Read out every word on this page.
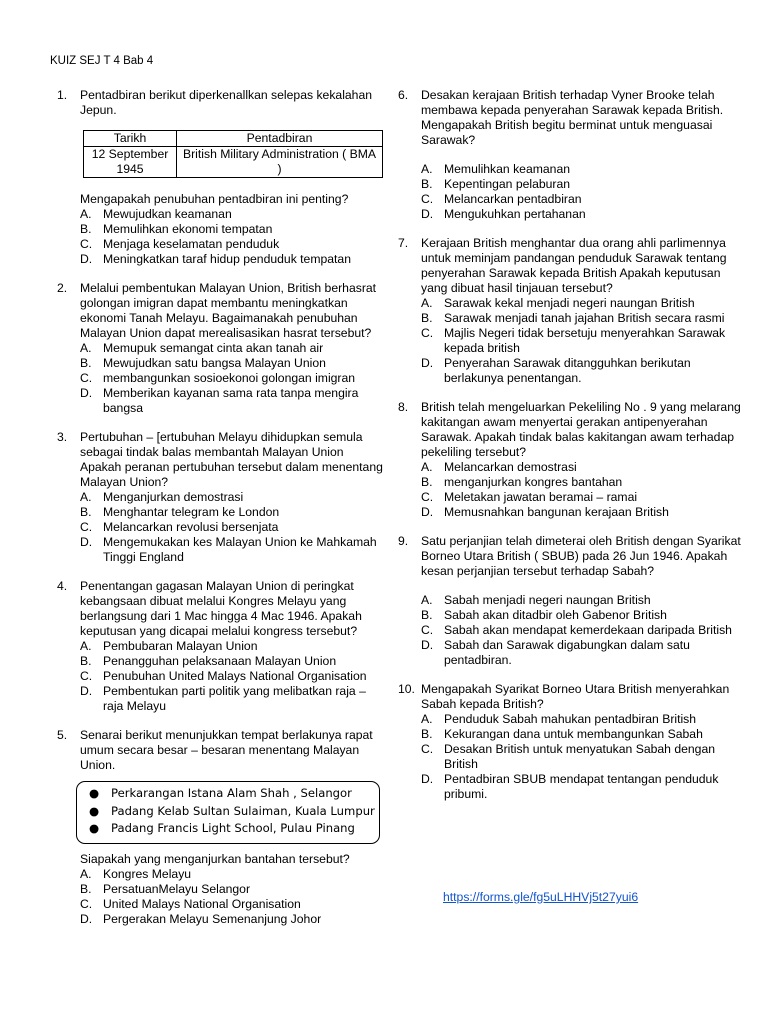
KUIZ SEJ T 4 Bab 4
1.	Pentadbiran berikut diperkenallkan selepas kekalahan Jepun.

Tarikh	Pentadbiran
12 September 1945	British Military Administration ( BMA )

Mengapakah penubuhan pentadbiran ini penting?

A. Mewujudkan keamanan
B. Memulihkan ekonomi tempatan
C. Menjaga keselamatan penduduk
D. Meningkatkan taraf hidup penduduk tempatan
2.	Melalui pembentukan Malayan Union, British berhasrat golongan imigran dapat membantu meningkatkan ekonomi Tanah Melayu. Bagaimanakah penubuhan Malayan Union dapat merealisasikan hasrat tersebut?

A. Memupuk semangat cinta akan tanah air
B. Mewujudkan satu bangsa Malayan Union
C. membangunkan sosioekonoi golongan imigran
D. Memberikan kayanan sama rata tanpa mengira bangsa
3.	Pertubuhan – [ertubuhan Melayu dihidupkan semula sebagai tindak balas membantah Malayan Union Apakah peranan pertubuhan tersebut dalam menentang Malayan Union?

A. Menganjurkan demostrasi
B. Menghantar telegram ke London
C. Melancarkan revolusi bersenjata
D. Mengemukakan kes Malayan Union ke Mahkamah Tinggi England
4.	Penentangan gagasan Malayan Union di peringkat kebangsaan dibuat melalui Kongres Melayu yang berlangsung dari 1 Mac hingga 4 Mac 1946. Apakah keputusan yang dicapai melalui kongress tersebut?

A. Pembubaran Malayan Union
B. Penangguhan pelaksanaan Malayan Union
C. Penubuhan United Malays National Organisation
D. Pembentukan parti politik yang melibatkan raja – raja Melayu
5.	Senarai berikut menunjukkan tempat berlakunya rapat umum secara besar – besaran menentang Malayan Union.

●	Perkarangan Istana Alam Shah , Selangor
●	Padang Kelab Sultan Sulaiman, Kuala Lumpur
●	Padang Francis Light School, Pulau Pinang

Siapakah yang menganjurkan bantahan tersebut?

A. Kongres Melayu
B. PersatuanMelayu Selangor
C. United Malays National Organisation
D. Pergerakan Melayu Semenanjung Johor
6.	Desakan kerajaan British terhadap Vyner Brooke telah membawa kepada penyerahan Sarawak kepada British. Mengapakah British begitu berminat untuk menguasai Sarawak?

A. Memulihkan keamanan
B. Kepentingan pelaburan
C. Melancarkan pentadbiran
D. Mengukuhkan pertahanan
7.	Kerajaan British menghantar dua orang ahli parlimennya untuk meminjam pandangan penduduk Sarawak tentang penyerahan Sarawak kepada British Apakah keputusan yang dibuat hasil tinjauan tersebut?

A. Sarawak kekal menjadi negeri naungan British
B. Sarawak menjadi tanah jajahan British secara rasmi
C. Majlis Negeri tidak bersetuju menyerahkan Sarawak kepada british
D. Penyerahan Sarawak ditangguhkan berikutan berlakunya penentangan.
8.	British telah mengeluarkan Pekeliling No . 9 yang melarang kakitangan awam menyertai gerakan antipenyerahan Sarawak. Apakah tindak balas kakitangan awam terhadap pekeliling tersebut?

A. Melancarkan demostrasi
B. menganjurkan kongres bantahan
C. Meletakan jawatan beramai – ramai
D. Memusnahkan bangunan kerajaan British
9.	Satu perjanjian telah dimeterai oleh British dengan Syarikat Borneo Utara British ( SBUB) pada 26 Jun 1946. Apakah kesan perjanjian tersebut terhadap Sabah?

A. Sabah menjadi negeri naungan British
B. Sabah akan ditadbir oleh Gabenor British
C. Sabah akan mendapat kemerdekaan daripada British
D. Sabah dan Sarawak digabungkan dalam satu pentadbiran.
10. Mengapakah Syarikat Borneo Utara British menyerahkan Sabah kepada British?

A. Penduduk Sabah mahukan pentadbiran British
B. Kekurangan dana untuk membangunkan Sabah
C. Desakan British untuk menyatukan Sabah dengan British
D. Pentadbiran SBUB mendapat tentangan penduduk pribumi.
https://forms.gle/fg5uLHHVj5t27yui6
